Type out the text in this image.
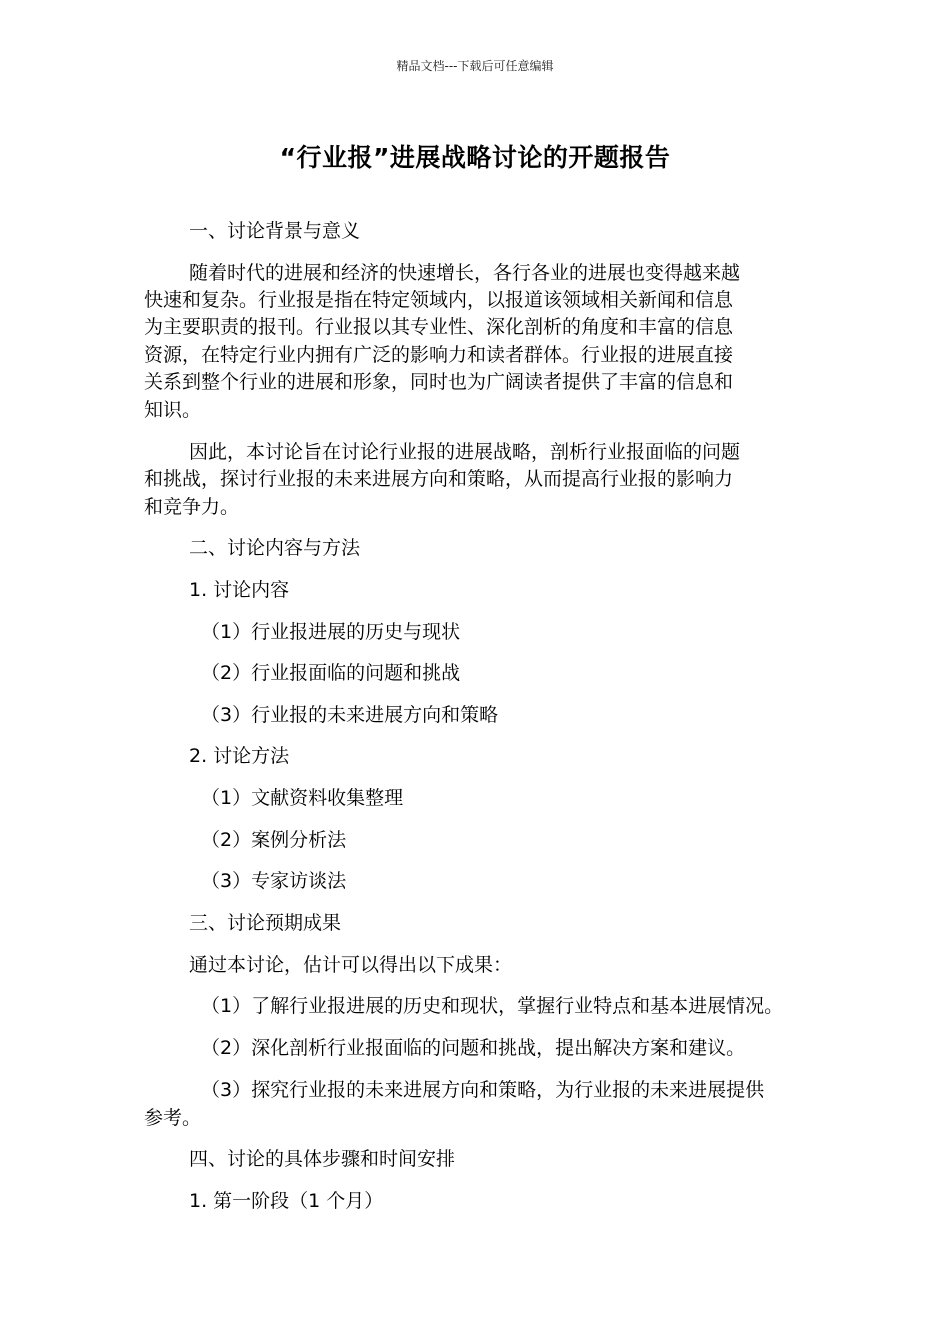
精品文档---下载后可任意编辑
“行业报”进展战略讨论的开题报告
一、讨论背景与意义
随着时代的进展和经济的快速增长，各行各业的进展也变得越来越
快速和复杂。行业报是指在特定领域内，以报道该领域相关新闻和信息
为主要职责的报刊。行业报以其专业性、深化剖析的角度和丰富的信息
资源，在特定行业内拥有广泛的影响力和读者群体。行业报的进展直接
关系到整个行业的进展和形象，同时也为广阔读者提供了丰富的信息和
知识。
因此，本讨论旨在讨论行业报的进展战略，剖析行业报面临的问题
和挑战，探讨行业报的未来进展方向和策略，从而提高行业报的影响力
和竞争力。
二、讨论内容与方法
1. 讨论内容
（1）行业报进展的历史与现状
（2）行业报面临的问题和挑战
（3）行业报的未来进展方向和策略
2. 讨论方法
（1）文献资料收集整理
（2）案例分析法
（3）专家访谈法
三、讨论预期成果
通过本讨论，估计可以得出以下成果：
（1）了解行业报进展的历史和现状，掌握行业特点和基本进展情况。
（2）深化剖析行业报面临的问题和挑战，提出解决方案和建议。
（3）探究行业报的未来进展方向和策略，为行业报的未来进展提供
参考。
四、讨论的具体步骤和时间安排
1. 第一阶段（1 个月）
